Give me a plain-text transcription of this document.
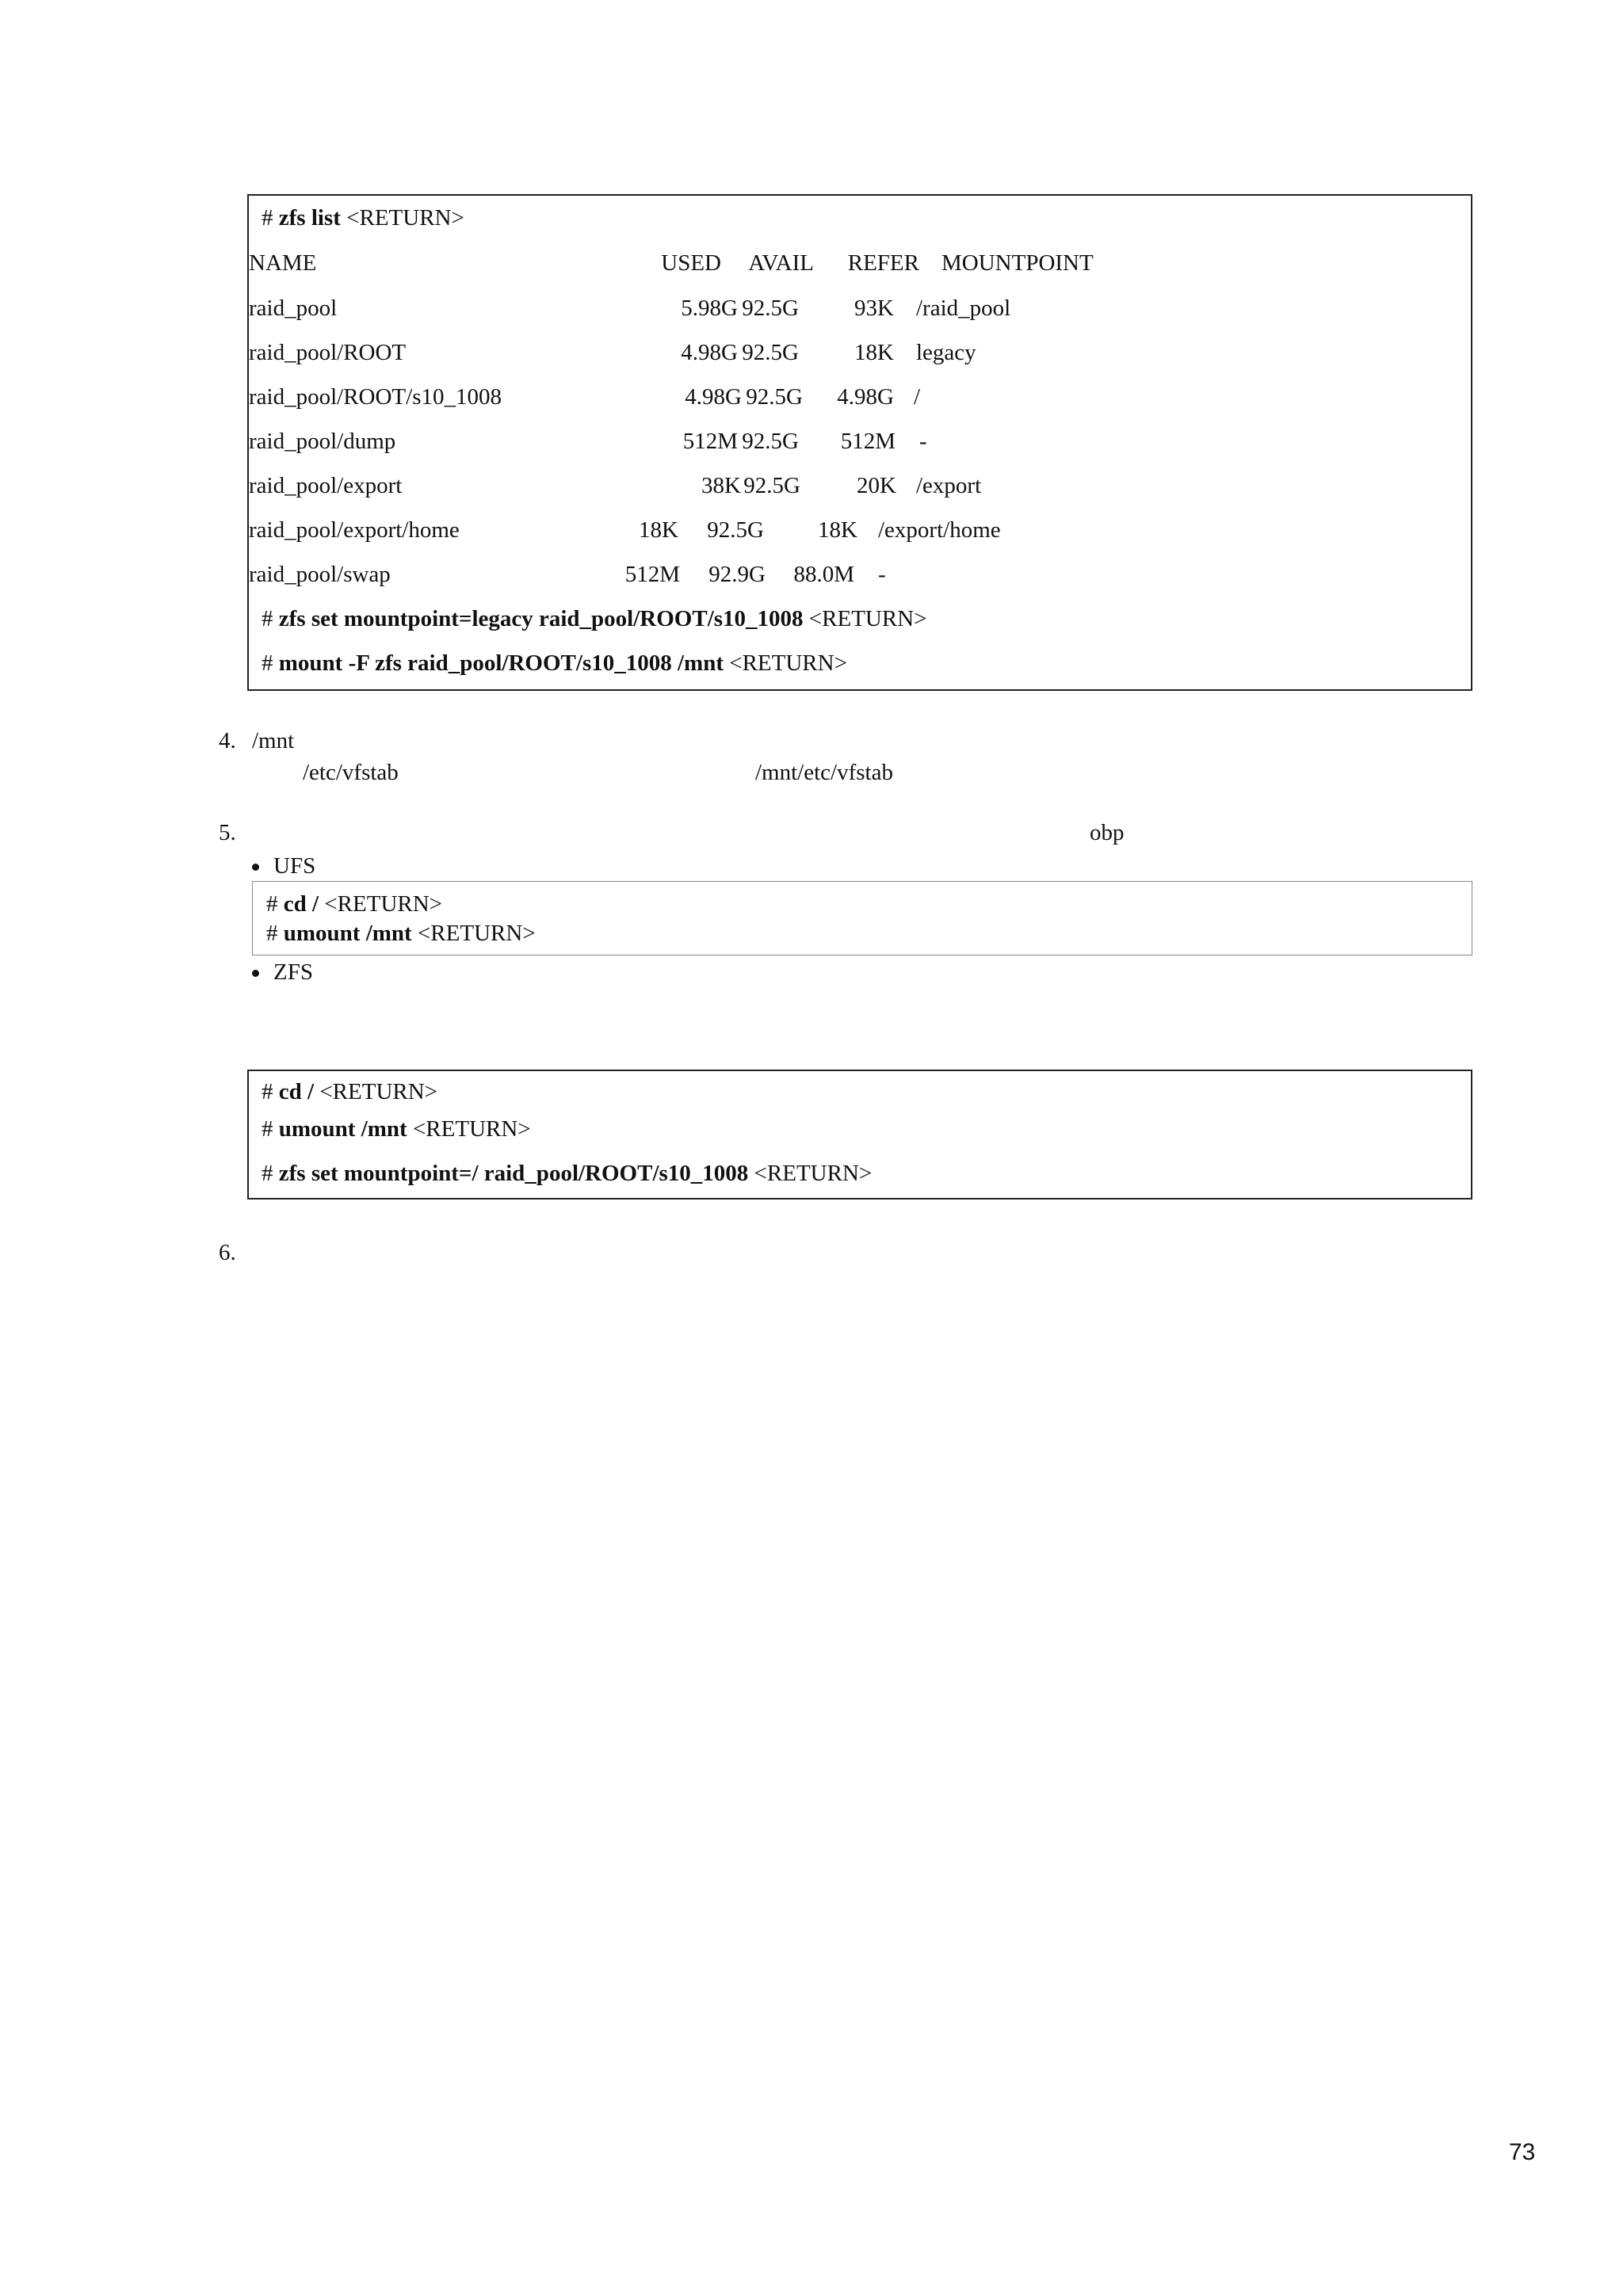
# zfs list <RETURN>
NAME	USED AVAIL REFER MOUNTPOINT
raid_pool	5.98G 92.5G 93K /raid_pool
raid_pool/ROOT	4.98G 92.5G 18K legacy
raid_pool/ROOT/s10_1008	4.98G 92.5G 4.98G /
raid_pool/dump	512M 92.5G 512M -
raid_pool/export	38K 92.5G 20K /export
raid_pool/export/home	18K 92.5G 18K /export/home
raid_pool/swap	512M 92.9G 88.0M -
# zfs set mountpoint=legacy raid_pool/ROOT/s10_1008 <RETURN>
# mount -F zfs raid_pool/ROOT/s10_1008 /mnt <RETURN>
4. /mnt
/etc/vfstab	/mnt/etc/vfstab
5.	obp
UFS
# cd / <RETURN>
# umount /mnt <RETURN>
ZFS
# cd / <RETURN>
# umount /mnt <RETURN>
# zfs set mountpoint=/ raid_pool/ROOT/s10_1008 <RETURN>
6.
73
